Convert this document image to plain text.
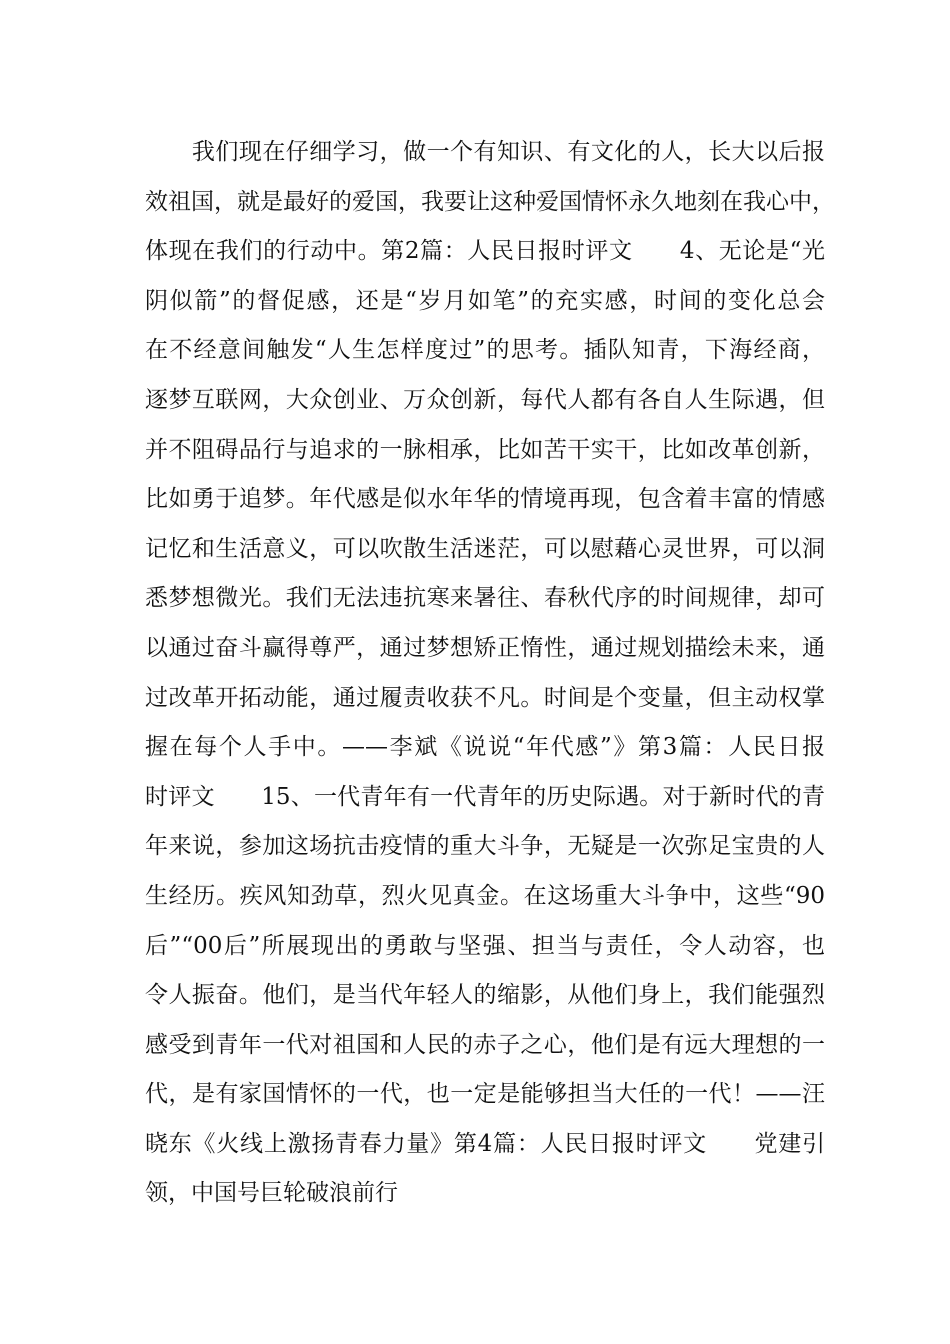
　　我们现在仔细学习，做一个有知识、有文化的人，长大以后报
效祖国，就是最好的爱国，我要让这种爱国情怀永久地刻在我心中，
体现在我们的行动中。第2篇：人民日报时评文　　4、无论是“光
阴似箭”的督促感，还是“岁月如笔”的充实感，时间的变化总会
在不经意间触发“人生怎样度过”的思考。插队知青，下海经商，
逐梦互联网，大众创业、万众创新，每代人都有各自人生际遇，但
并不阻碍品行与追求的一脉相承，比如苦干实干，比如改革创新，
比如勇于追梦。年代感是似水年华的情境再现，包含着丰富的情感
记忆和生活意义，可以吹散生活迷茫，可以慰藉心灵世界，可以洞
悉梦想微光。我们无法违抗寒来暑往、春秋代序的时间规律，却可
以通过奋斗赢得尊严，通过梦想矫正惰性，通过规划描绘未来，通
过改革开拓动能，通过履责收获不凡。时间是个变量，但主动权掌
握在每个人手中。——李斌《说说“年代感”》第3篇：人民日报
时评文　　15、一代青年有一代青年的历史际遇。对于新时代的青
年来说，参加这场抗击疫情的重大斗争，无疑是一次弥足宝贵的人
生经历。疾风知劲草，烈火见真金。在这场重大斗争中，这些“90
后”“00后”所展现出的勇敢与坚强、担当与责任，令人动容，也
令人振奋。他们，是当代年轻人的缩影，从他们身上，我们能强烈
感受到青年一代对祖国和人民的赤子之心，他们是有远大理想的一
代，是有家国情怀的一代，也一定是能够担当大任的一代！——汪
晓东《火线上激扬青春力量》第4篇：人民日报时评文　　党建引
领，中国号巨轮破浪前行
